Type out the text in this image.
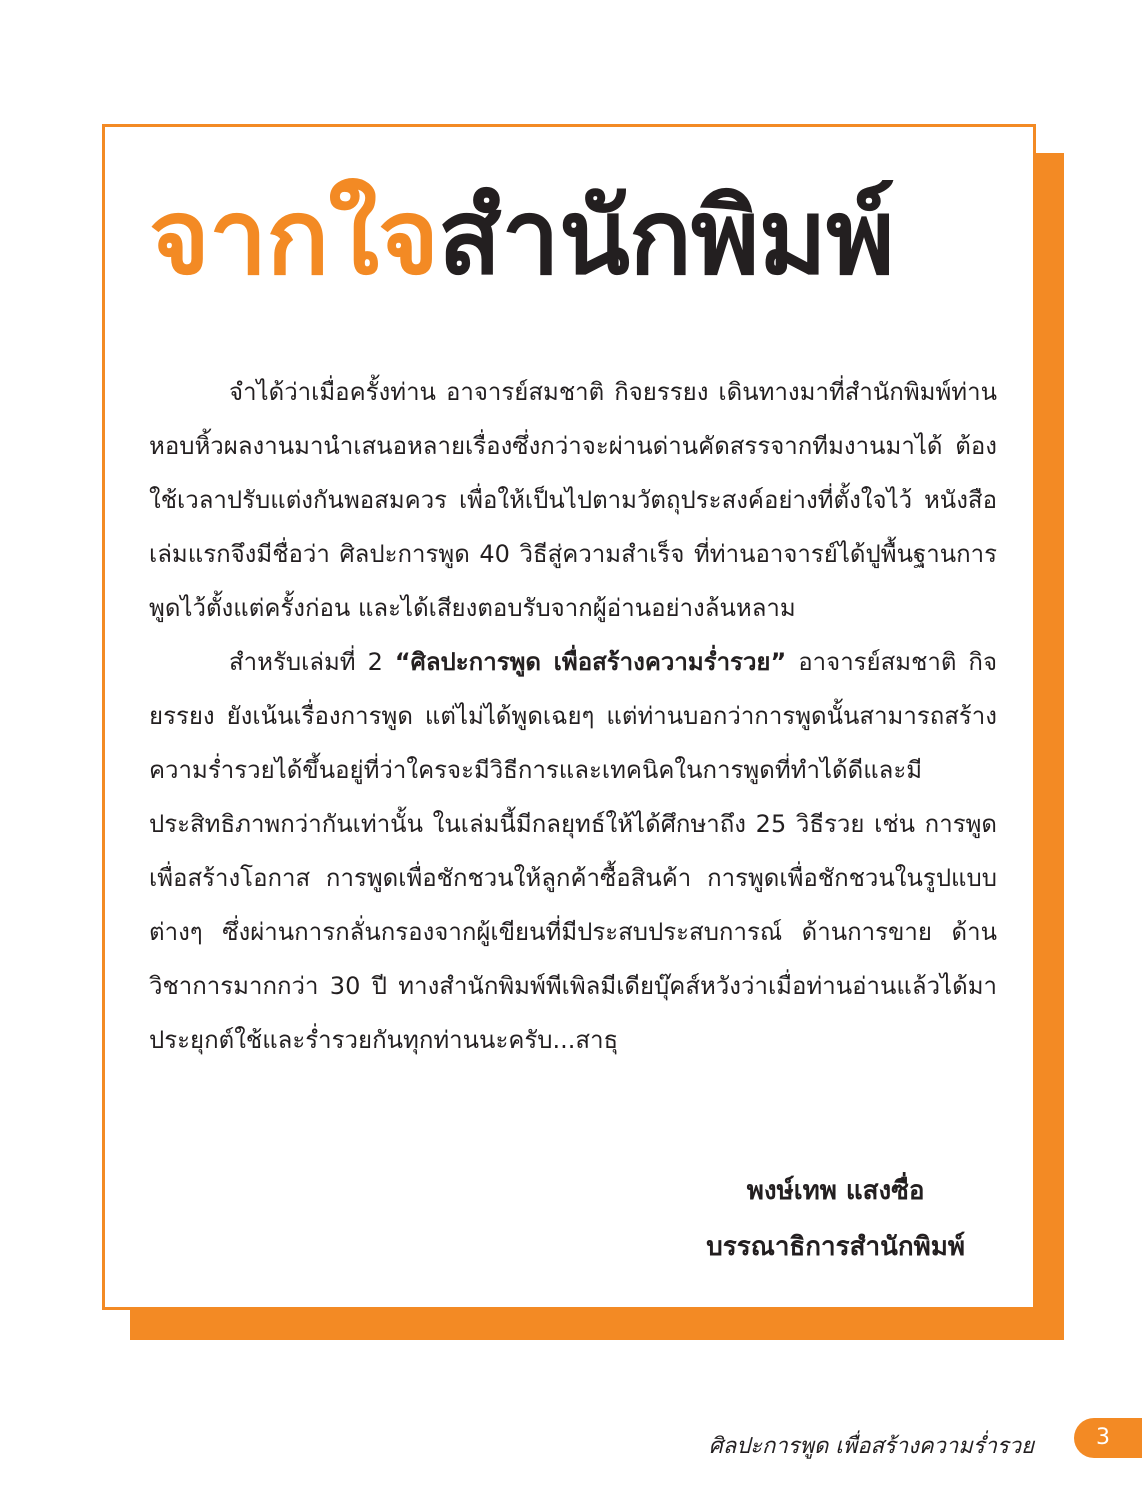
จากใจสำนักพิมพ์

จำได้ว่าเมื่อครั้งท่าน อาจารย์สมชาติ กิจยรรยง เดินทางมาที่สำนักพิมพ์ท่านหอบหิ้วผลงานมานำเสนอหลายเรื่องซึ่งกว่าจะผ่านด่านคัดสรรจากทีมงานมาได้ ต้องใช้เวลาปรับแต่งกันพอสมควร เพื่อให้เป็นไปตามวัตถุประสงค์อย่างที่ตั้งใจไว้ หนังสือเล่มแรกจึงมีชื่อว่า ศิลปะการพูด 40 วิธีสู่ความสำเร็จ ที่ท่านอาจารย์ได้ปูพื้นฐานการพูดไว้ตั้งแต่ครั้งก่อน และได้เสียงตอบรับจากผู้อ่านอย่างล้นหลาม

สำหรับเล่มที่ 2 “ศิลปะการพูด เพื่อสร้างความร่ำรวย” อาจารย์สมชาติ กิจยรรยง ยังเน้นเรื่องการพูด แต่ไม่ได้พูดเฉยๆ แต่ท่านบอกว่าการพูดนั้นสามารถสร้างความร่ำรวยได้ขึ้นอยู่ที่ว่าใครจะมีวิธีการและเทคนิคในการพูดที่ทำได้ดีและมีประสิทธิภาพกว่ากันเท่านั้น ในเล่มนี้มีกลยุทธ์ให้ได้ศึกษาถึง 25 วิธีรวย เช่น การพูดเพื่อสร้างโอกาส การพูดเพื่อชักชวนให้ลูกค้าซื้อสินค้า การพูดเพื่อชักชวนในรูปแบบต่างๆ ซึ่งผ่านการกลั่นกรองจากผู้เขียนที่มีประสบประสบการณ์ ด้านการขาย ด้านวิชาการมากกว่า 30 ปี ทางสำนักพิมพ์พีเพิลมีเดียบุ๊คส์หวังว่าเมื่อท่านอ่านแล้วได้มาประยุกต์ใช้และร่ำรวยกันทุกท่านนะครับ...สาธุ

พงษ์เทพ แสงซื่อ
บรรณาธิการสำนักพิมพ์
ศิลปะการพูด เพื่อสร้างความร่ำรวย	3
